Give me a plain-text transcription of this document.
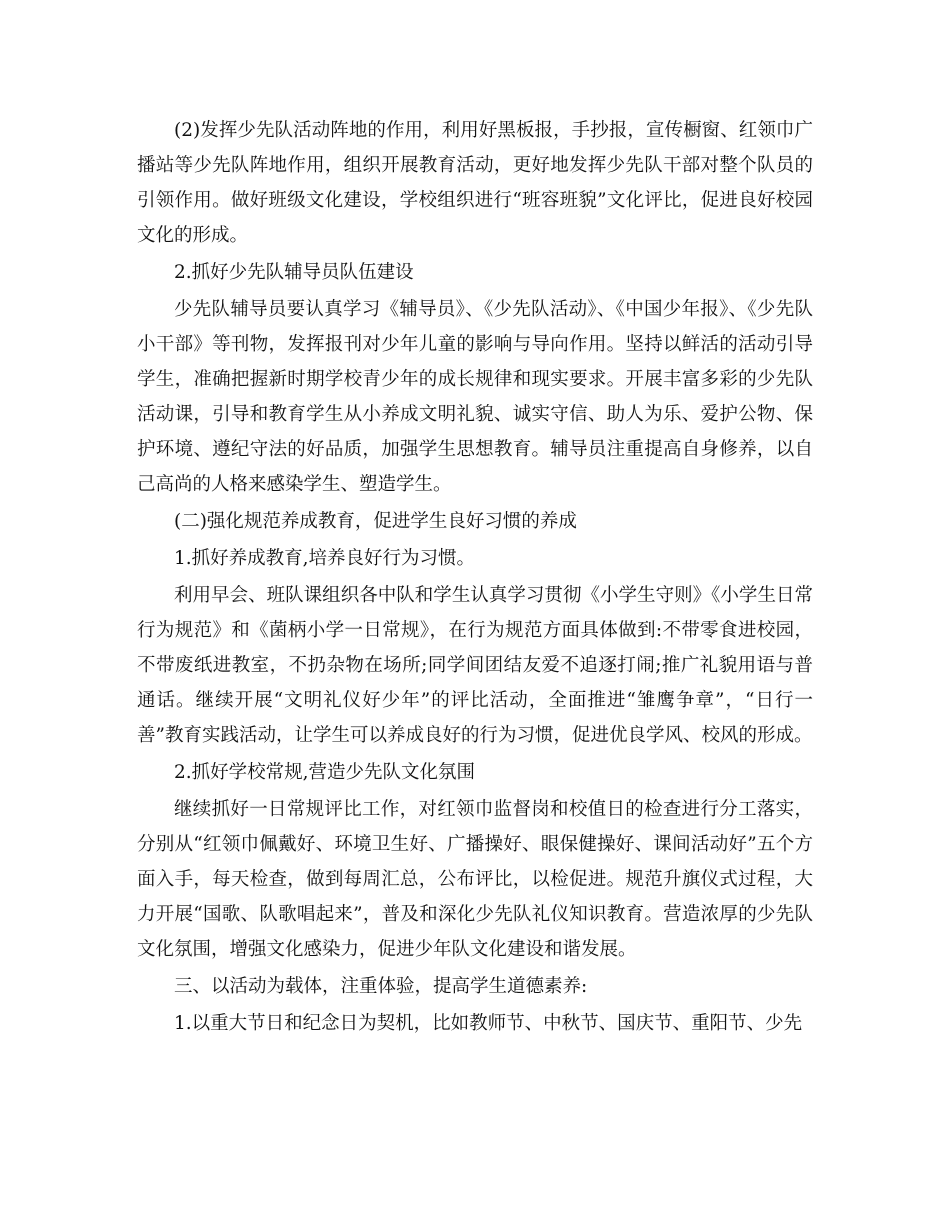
(2)发挥少先队活动阵地的作用，利用好黑板报，手抄报，宣传橱窗、红领巾广播站等少先队阵地作用，组织开展教育活动，更好地发挥少先队干部对整个队员的引领作用。做好班级文化建设，学校组织进行“班容班貌”文化评比，促进良好校园文化的形成。

2.抓好少先队辅导员队伍建设

少先队辅导员要认真学习《辅导员》、《少先队活动》、《中国少年报》、《少先队小干部》等刊物，发挥报刊对少年儿童的影响与导向作用。坚持以鲜活的活动引导学生，准确把握新时期学校青少年的成长规律和现实要求。开展丰富多彩的少先队活动课，引导和教育学生从小养成文明礼貌、诚实守信、助人为乐、爱护公物、保护环境、遵纪守法的好品质，加强学生思想教育。辅导员注重提高自身修养，以自己高尚的人格来感染学生、塑造学生。

(二)强化规范养成教育，促进学生良好习惯的养成

1.抓好养成教育,培养良好行为习惯。

利用早会、班队课组织各中队和学生认真学习贯彻《小学生守则》《小学生日常行为规范》和《菌柄小学一日常规》，在行为规范方面具体做到:不带零食进校园，不带废纸进教室，不扔杂物在场所;同学间团结友爱不追逐打闹;推广礼貌用语与普通话。继续开展“文明礼仪好少年”的评比活动，全面推进“雏鹰争章”，“日行一善”教育实践活动，让学生可以养成良好的行为习惯，促进优良学风、校风的形成。

2.抓好学校常规,营造少先队文化氛围

继续抓好一日常规评比工作，对红领巾监督岗和校值日的检查进行分工落实，分别从“红领巾佩戴好、环境卫生好、广播操好、眼保健操好、课间活动好”五个方面入手，每天检查，做到每周汇总，公布评比，以检促进。规范升旗仪式过程，大力开展“国歌、队歌唱起来”，普及和深化少先队礼仪知识教育。营造浓厚的少先队文化氛围，增强文化感染力，促进少年队文化建设和谐发展。

三、以活动为载体，注重体验，提高学生道德素养:

1.以重大节日和纪念日为契机，比如教师节、中秋节、国庆节、重阳节、少先
